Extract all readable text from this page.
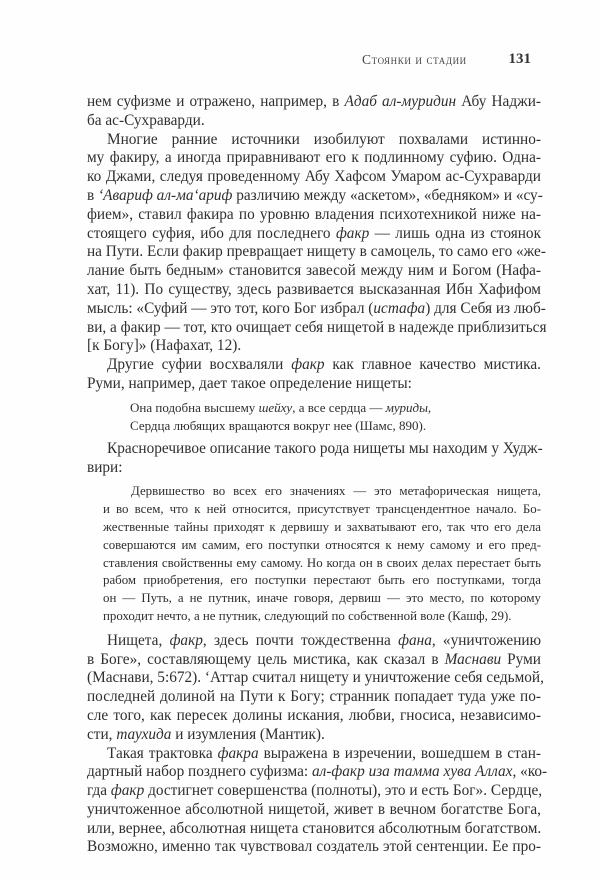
Стоянки и стадии	131
нем суфизме и отражено, например, в Адаб ал-муридин Абу Наджи-
ба ас-Сухраварди.
Многие ранние источники изобилуют похвалами истинно-
му факиру, а иногда приравнивают его к подлинному суфию. Одна-
ко Джами, следуя проведенному Абу Хафсом Умаром ас-Сухраварди
в ‘Авариф ал-ма‘ариф различию между «аскетом», «бедняком» и «су-
фием», ставил факира по уровню владения психотехникой ниже на-
стоящего суфия, ибо для последнего факр — лишь одна из стоянок
на Пути. Если факир превращает нищету в самоцель, то само его «же-
лание быть бедным» становится завесой между ним и Богом (Нафа-
хат, 11). По существу, здесь развивается высказанная Ибн Хафифом
мысль: «Суфий — это тот, кого Бог избрал (истафа) для Себя из люб-
ви, а факир — тот, кто очищает себя нищетой в надежде приблизиться
[к Богу]» (Нафахат, 12).
Другие суфии восхваляли факр как главное качество мистика.
Руми, например, дает такое определение нищеты:
Она подобна высшему шейху, а все сердца — муриды,
Сердца любящих вращаются вокруг нее (Шамс, 890).
Красноречивое описание такого рода нищеты мы находим у Худж-
вири:
Дервишество во всех его значениях — это метафорическая нищета,
и во всем, что к ней относится, присутствует трансцендентное начало. Бо-
жественные тайны приходят к дервишу и захватывают его, так что его дела
совершаются им самим, его поступки относятся к нему самому и его пред-
ставления свойственны ему самому. Но когда он в своих делах перестает быть
рабом приобретения, его поступки перестают быть его поступками, тогда
он — Путь, а не путник, иначе говоря, дервиш — это место, по которому
проходит нечто, а не путник, следующий по собственной воле (Кашф, 29).
Нищета, факр, здесь почти тождественна фана, «уничтожению
в Боге», составляющему цель мистика, как сказал в Маснави Руми
(Маснави, 5:672). ‘Аттар считал нищету и уничтожение себя седьмой,
последней долиной на Пути к Богу; странник попадает туда уже по-
сле того, как пересек долины искания, любви, гносиса, независимо-
сти, таухида и изумления (Мантик).
Такая трактовка факра выражена в изречении, вошедшем в стан-
дартный набор позднего суфизма: ал-факр иза тамма хува Аллах, «ко-
гда факр достигнет совершенства (полноты), это и есть Бог». Сердце,
уничтоженное абсолютной нищетой, живет в вечном богатстве Бога,
или, вернее, абсолютная нищета становится абсолютным богатством.
Возможно, именно так чувствовал создатель этой сентенции. Ее про-
